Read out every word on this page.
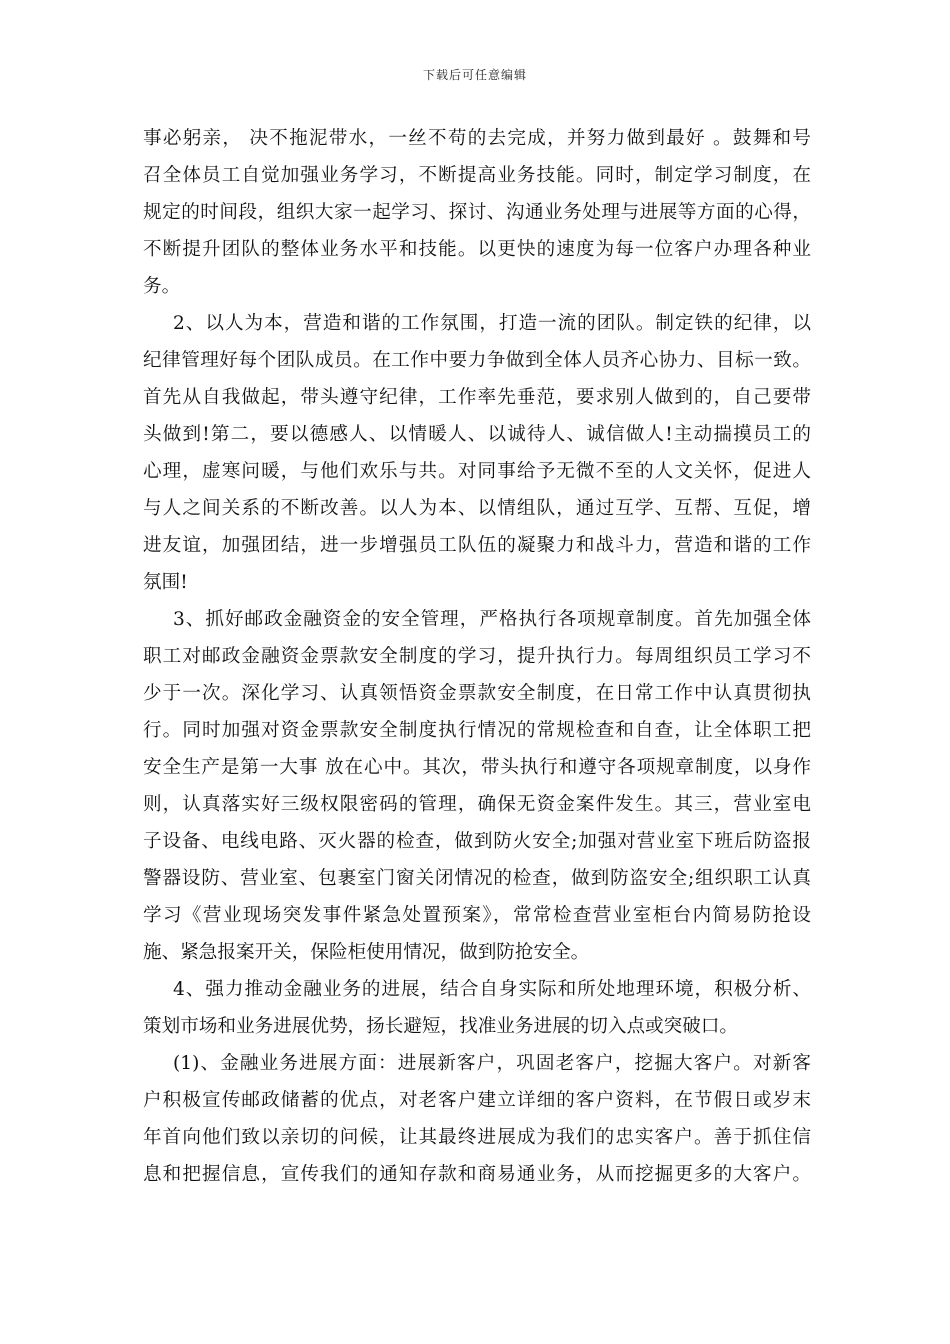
下载后可任意编辑
事必躬亲， 决不拖泥带水，一丝不苟的去完成，并努力做到最好 。鼓舞和号
召全体员工自觉加强业务学习，不断提高业务技能。同时，制定学习制度，在
规定的时间段，组织大家一起学习、探讨、沟通业务处理与进展等方面的心得，
不断提升团队的整体业务水平和技能。以更快的速度为每一位客户办理各种业
务。
2、以人为本，营造和谐的工作氛围，打造一流的团队。制定铁的纪律，以
纪律管理好每个团队成员。在工作中要力争做到全体人员齐心协力、目标一致。
首先从自我做起，带头遵守纪律，工作率先垂范，要求别人做到的，自己要带
头做到!第二，要以德感人、以情暖人、以诚待人、诚信做人!主动揣摸员工的
心理，虚寒问暖，与他们欢乐与共。对同事给予无微不至的人文关怀，促进人
与人之间关系的不断改善。以人为本、以情组队，通过互学、互帮、互促，增
进友谊，加强团结，进一步增强员工队伍的凝聚力和战斗力，营造和谐的工作
氛围!
3、抓好邮政金融资金的安全管理，严格执行各项规章制度。首先加强全体
职工对邮政金融资金票款安全制度的学习，提升执行力。每周组织员工学习不
少于一次。深化学习、认真领悟资金票款安全制度，在日常工作中认真贯彻执
行。同时加强对资金票款安全制度执行情况的常规检查和自查，让全体职工把
安全生产是第一大事 放在心中。其次，带头执行和遵守各项规章制度，以身作
则，认真落实好三级权限密码的管理，确保无资金案件发生。其三，营业室电
子设备、电线电路、灭火器的检查，做到防火安全;加强对营业室下班后防盗报
警器设防、营业室、包裹室门窗关闭情况的检查，做到防盗安全;组织职工认真
学习《营业现场突发事件紧急处置预案》，常常检查营业室柜台内简易防抢设
施、紧急报案开关，保险柜使用情况，做到防抢安全。
4、强力推动金融业务的进展，结合自身实际和所处地理环境，积极分析、
策划市场和业务进展优势，扬长避短，找准业务进展的切入点或突破口。
(1)、金融业务进展方面：进展新客户，巩固老客户，挖掘大客户。对新客
户积极宣传邮政储蓄的优点，对老客户建立详细的客户资料，在节假日或岁末
年首向他们致以亲切的问候，让其最终进展成为我们的忠实客户。善于抓住信
息和把握信息，宣传我们的通知存款和商易通业务，从而挖掘更多的大客户。
